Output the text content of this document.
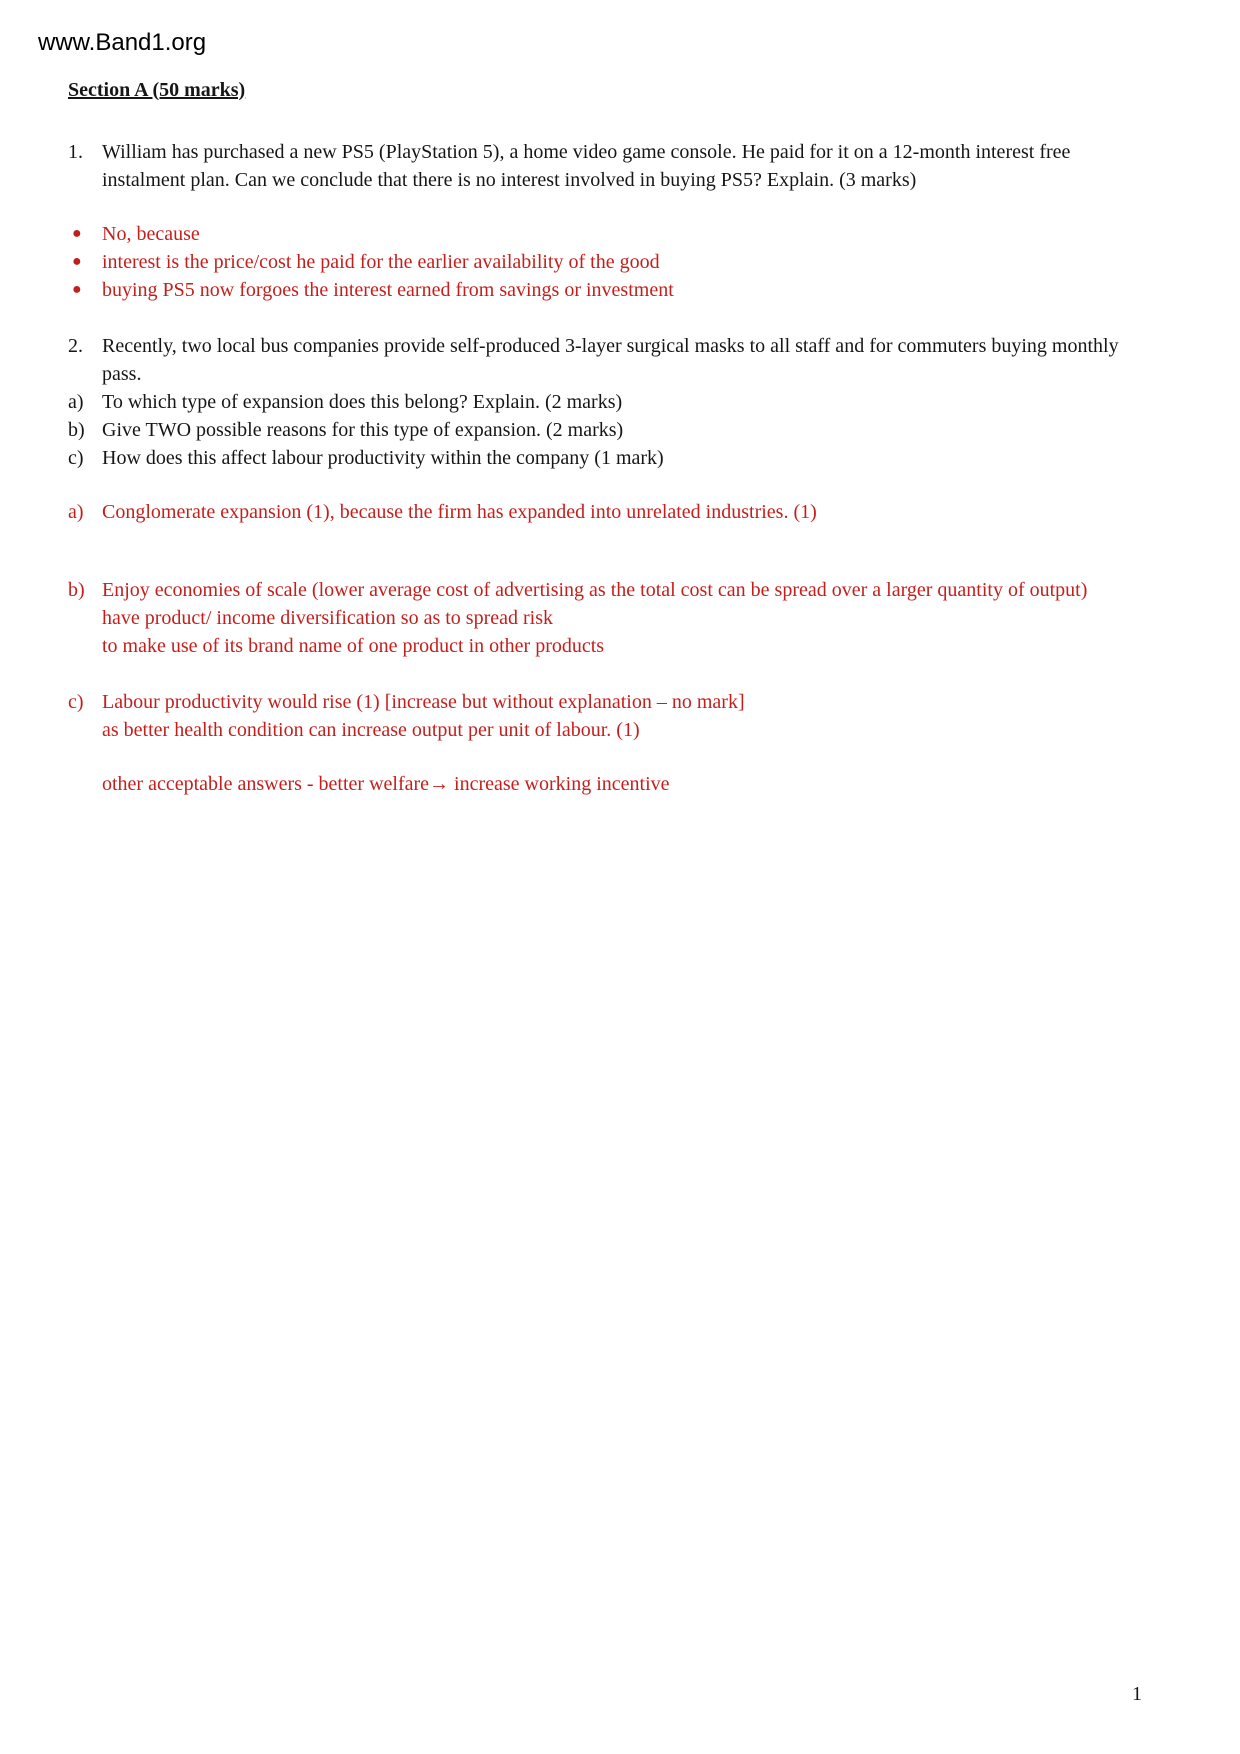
www.Band1.org
Section A (50 marks)
1. William has purchased a new PS5 (PlayStation 5), a home video game console. He paid for it on a 12-month interest free instalment plan. Can we conclude that there is no interest involved in buying PS5? Explain. (3 marks)
●	No, because
●	interest is the price/cost he paid for the earlier availability of the good
●	buying PS5 now forgoes the interest earned from savings or investment
2. Recently, two local bus companies provide self-produced 3-layer surgical masks to all staff and for commuters buying monthly pass.
a) To which type of expansion does this belong? Explain. (2 marks)
b) Give TWO possible reasons for this type of expansion. (2 marks)
c) How does this affect labour productivity within the company (1 mark)
a) Conglomerate expansion (1), because the firm has expanded into unrelated industries. (1)
b) Enjoy economies of scale (lower average cost of advertising as the total cost can be spread over a larger quantity of output)
have product/ income diversification so as to spread risk
to make use of its brand name of one product in other products
c) Labour productivity would rise (1) [increase but without explanation – no mark]
as better health condition can increase output per unit of labour. (1)
other acceptable answers - better welfare→ increase working incentive
1
